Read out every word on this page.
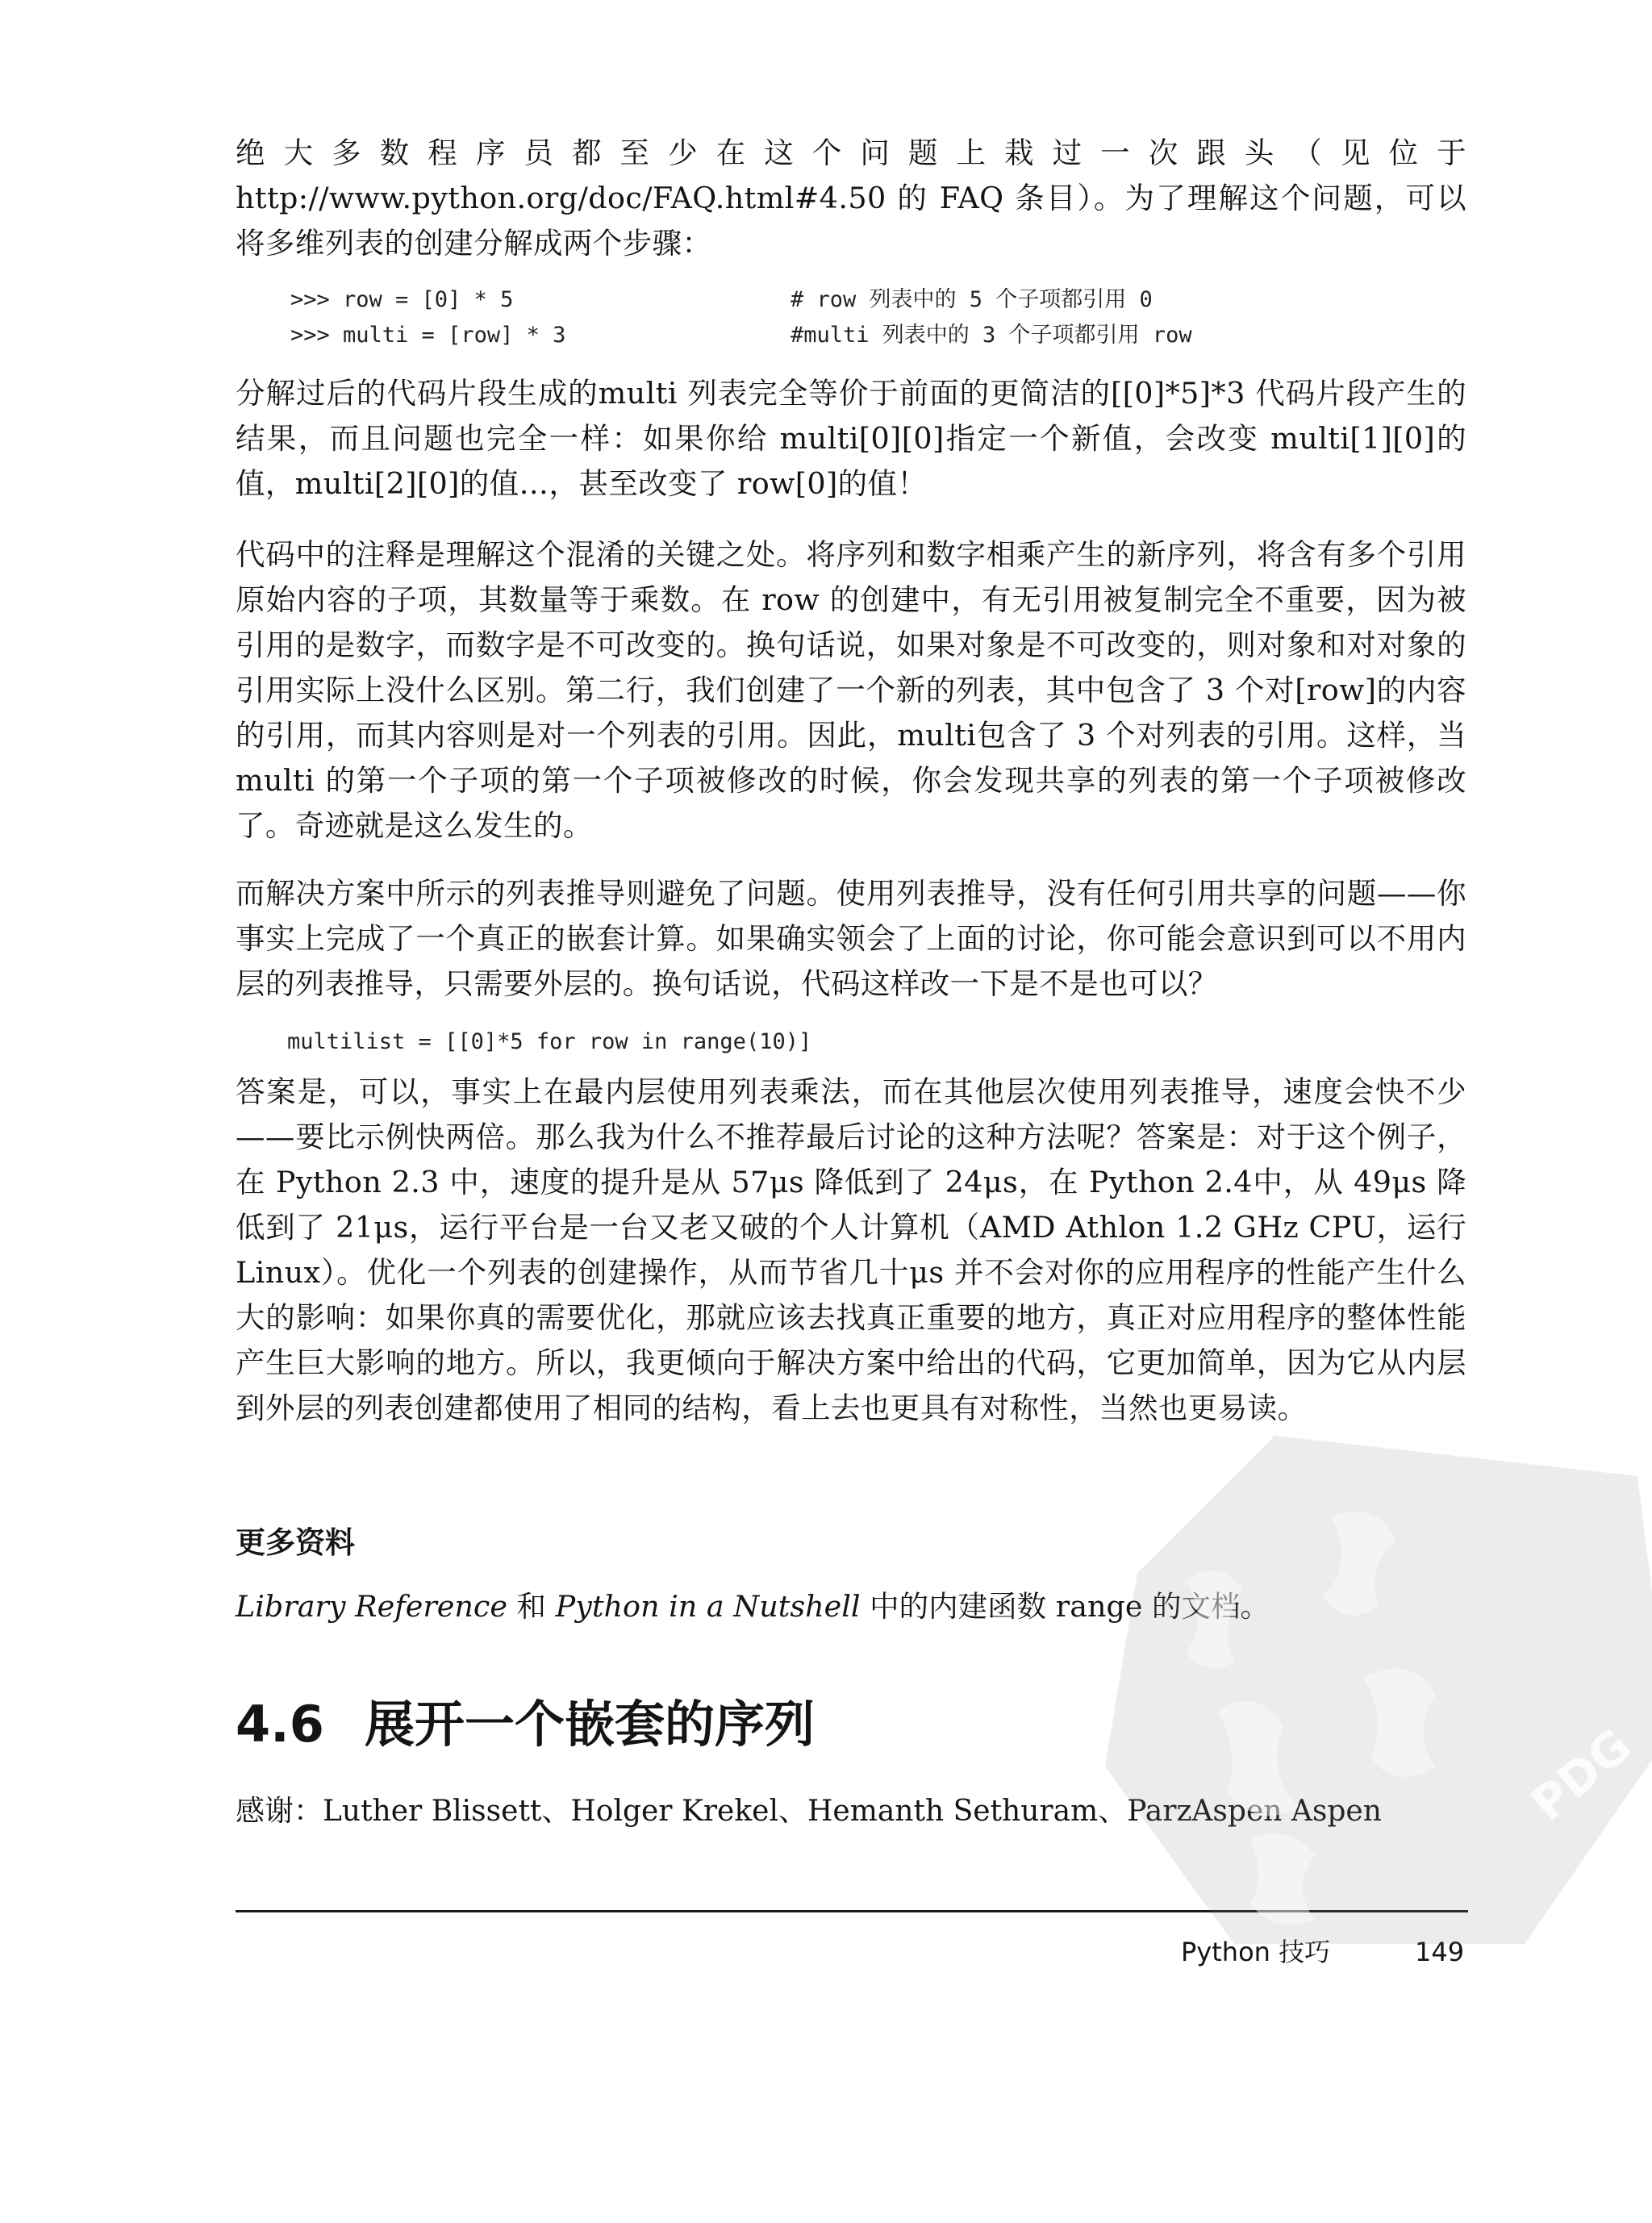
绝大多数程序员都至少在这个问题上栽过一次跟头（见位于 http://www.python.org/doc/FAQ.html#4.50 的 FAQ 条目）。为了理解这个问题，可以将多维列表的创建分解成两个步骤：

>>> row = [0] * 5	# row 列表中的 5 个子项都引用 0
>>> multi = [row] * 3	#multi 列表中的 3 个子项都引用 row

分解过后的代码片段生成的multi 列表完全等价于前面的更简洁的[[0]*5]*3 代码片段产生的结果，而且问题也完全一样：如果你给 multi[0][0]指定一个新值，会改变 multi[1][0]的值，multi[2][0]的值…，甚至改变了 row[0]的值！

代码中的注释是理解这个混淆的关键之处。将序列和数字相乘产生的新序列，将含有多个引用原始内容的子项，其数量等于乘数。在 row 的创建中，有无引用被复制完全不重要，因为被引用的是数字，而数字是不可改变的。换句话说，如果对象是不可改变的，则对象和对对象的引用实际上没什么区别。第二行，我们创建了一个新的列表，其中包含了 3 个对[row]的内容的引用，而其内容则是对一个列表的引用。因此，multi包含了 3 个对列表的引用。这样，当 multi 的第一个子项的第一个子项被修改的时候，你会发现共享的列表的第一个子项被修改了。奇迹就是这么发生的。

而解决方案中所示的列表推导则避免了问题。使用列表推导，没有任何引用共享的问题——你事实上完成了一个真正的嵌套计算。如果确实领会了上面的讨论，你可能会意识到可以不用内层的列表推导，只需要外层的。换句话说，代码这样改一下是不是也可以？

multilist = [[0]*5 for row in range(10)]

答案是，可以，事实上在最内层使用列表乘法，而在其他层次使用列表推导，速度会快不少——要比示例快两倍。那么我为什么不推荐最后讨论的这种方法呢？答案是：对于这个例子，在 Python 2.3 中，速度的提升是从 57μs 降低到了 24μs，在 Python 2.4中，从 49μs 降低到了 21μs，运行平台是一台又老又破的个人计算机（AMD Athlon 1.2 GHz CPU，运行 Linux）。优化一个列表的创建操作，从而节省几十μs 并不会对你的应用程序的性能产生什么大的影响：如果你真的需要优化，那就应该去找真正重要的地方，真正对应用程序的整体性能产生巨大影响的地方。所以，我更倾向于解决方案中给出的代码，它更加简单，因为它从内层到外层的列表创建都使用了相同的结构，看上去也更具有对称性，当然也更易读。

更多资料

Library Reference 和 Python in a Nutshell 中的内建函数 range 的文档。

4.6 展开一个嵌套的序列

感谢：Luther Blissett、Holger Krekel、Hemanth Sethuram、ParzAspen Aspen

Python 技巧	149
PDG
